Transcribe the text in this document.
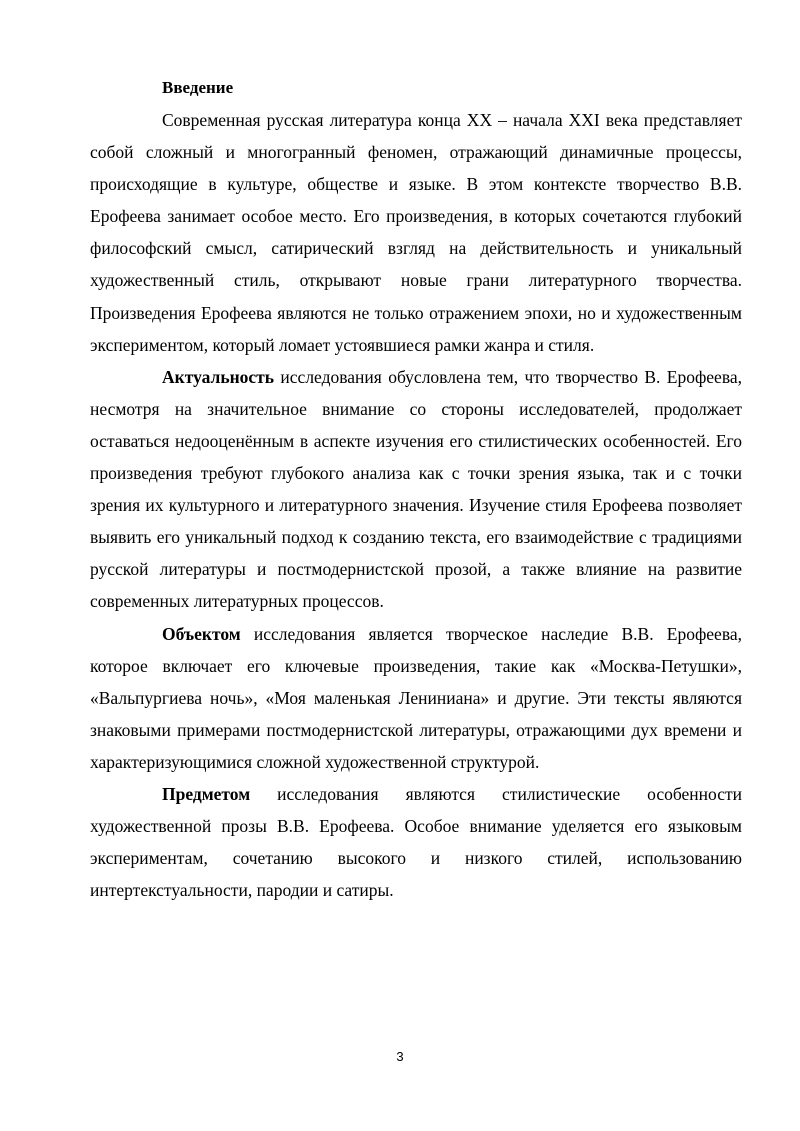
Введение

Современная русская литература конца XX – начала XXI века представляет собой сложный и многогранный феномен, отражающий динамичные процессы, происходящие в культуре, обществе и языке. В этом контексте творчество В.В. Ерофеева занимает особое место. Его произведения, в которых сочетаются глубокий философский смысл, сатирический взгляд на действительность и уникальный художественный стиль, открывают новые грани литературного творчества. Произведения Ерофеева являются не только отражением эпохи, но и художественным экспериментом, который ломает устоявшиеся рамки жанра и стиля.

Актуальность исследования обусловлена тем, что творчество В. Ерофеева, несмотря на значительное внимание со стороны исследователей, продолжает оставаться недооценённым в аспекте изучения его стилистических особенностей. Его произведения требуют глубокого анализа как с точки зрения языка, так и с точки зрения их культурного и литературного значения. Изучение стиля Ерофеева позволяет выявить его уникальный подход к созданию текста, его взаимодействие с традициями русской литературы и постмодернистской прозой, а также влияние на развитие современных литературных процессов.

Объектом исследования является творческое наследие В.В. Ерофеева, которое включает его ключевые произведения, такие как «Москва-Петушки», «Вальпургиева ночь», «Моя маленькая Лениниана» и другие. Эти тексты являются знаковыми примерами постмодернистской литературы, отражающими дух времени и характеризующимися сложной художественной структурой.

Предметом исследования являются стилистические особенности художественной прозы В.В. Ерофеева. Особое внимание уделяется его языковым экспериментам, сочетанию высокого и низкого стилей, использованию интертекстуальности, пародии и сатиры.

3
